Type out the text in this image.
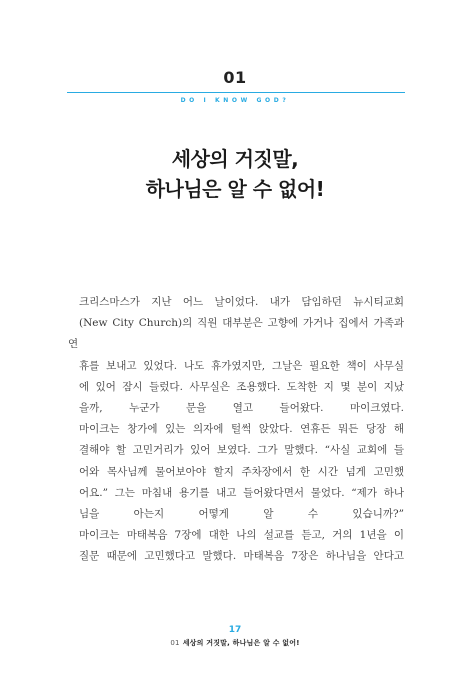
01
DO I KNOW GOD?
세상의 거짓말,
하나님은 알 수 없어!

크리스마스가 지난 어느 날이었다. 내가 담임하던 뉴시티교회
(New City Church)의 직원 대부분은 고향에 가거나 집에서 가족과 연
휴를 보내고 있었다. 나도 휴가였지만, 그날은 필요한 책이 사무실
에 있어 잠시 들렀다. 사무실은 조용했다. 도착한 지 몇 분이 지났
을까, 누군가 문을 열고 들어왔다. 마이크였다.

마이크는 창가에 있는 의자에 털썩 앉았다. 연휴든 뭐든 당장 해
결해야 할 고민거리가 있어 보였다. 그가 말했다. “사실 교회에 들
어와 목사님께 물어보아야 할지 주차장에서 한 시간 넘게 고민했
어요.” 그는 마침내 용기를 내고 들어왔다면서 물었다. “제가 하나
님을 아는지 어떻게 알 수 있습니까?”

마이크는 마태복음 7장에 대한 나의 설교를 듣고, 거의 1년을 이
질문 때문에 고민했다고 말했다. 마태복음 7장은 하나님을 안다고

17
01 세상의 거짓말, 하나님은 알 수 없어!
